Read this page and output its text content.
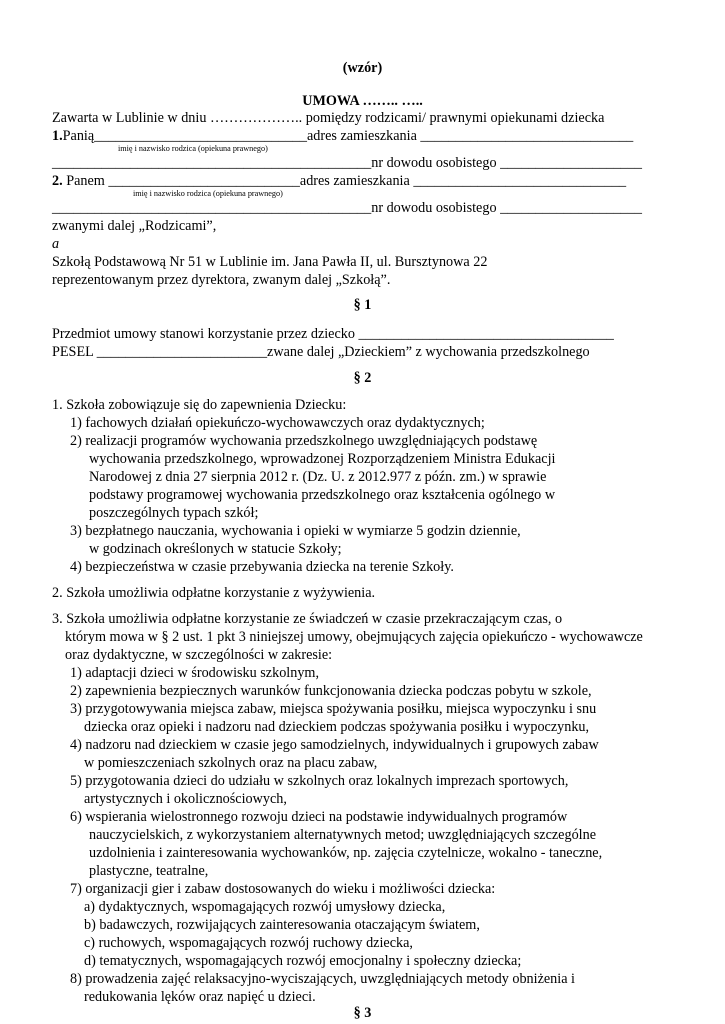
(wzór)
UMOWA …….. …..
Zawarta w Lublinie w dniu ……………….. pomiędzy rodzicami/ prawnymi opiekunami dziecka
1.Panią______________________________adres zamieszkania ______________________________
imię i nazwisko rodzica (opiekuna prawnego)
_____________________________________________nr dowodu osobistego ____________________
2. Panem ___________________________adres zamieszkania ______________________________
imię i nazwisko rodzica (opiekuna prawnego)
_____________________________________________nr dowodu osobistego ____________________
zwanymi dalej „Rodzicami”,
a
Szkołą Podstawową Nr 51 w Lublinie im. Jana Pawła II, ul. Bursztynowa 22
reprezentowanym przez dyrektora, zwanym dalej „Szkołą”.
§ 1
Przedmiot umowy stanowi korzystanie przez dziecko ____________________________________
PESEL ________________________zwane dalej „Dzieckiem” z wychowania przedszkolnego
§ 2
1. Szkoła zobowiązuje się do zapewnienia Dziecku:
1) fachowych działań opiekuńczo-wychowawczych oraz dydaktycznych;
2) realizacji programów wychowania przedszkolnego uwzględniających podstawę
wychowania przedszkolnego, wprowadzonej Rozporządzeniem Ministra Edukacji
Narodowej z dnia 27 sierpnia 2012 r. (Dz. U. z 2012.977 z późn. zm.) w sprawie
podstawy programowej wychowania przedszkolnego oraz kształcenia ogólnego w
poszczególnych typach szkół;
3) bezpłatnego nauczania, wychowania i opieki w wymiarze 5 godzin dziennie,
w godzinach określonych w statucie Szkoły;
4) bezpieczeństwa w czasie przebywania dziecka na terenie Szkoły.
2. Szkoła umożliwia odpłatne korzystanie z wyżywienia.
3. Szkoła umożliwia odpłatne korzystanie ze świadczeń w czasie przekraczającym czas, o
którym mowa w § 2 ust. 1 pkt 3 niniejszej umowy, obejmujących zajęcia opiekuńczo - wychowawcze
oraz dydaktyczne, w szczególności w zakresie:
1) adaptacji dzieci w środowisku szkolnym,
2) zapewnienia bezpiecznych warunków funkcjonowania dziecka podczas pobytu w szkole,
3) przygotowywania miejsca zabaw, miejsca spożywania posiłku, miejsca wypoczynku i snu
dziecka oraz opieki i nadzoru nad dzieckiem podczas spożywania posiłku i wypoczynku,
4) nadzoru nad dzieckiem w czasie jego samodzielnych, indywidualnych i grupowych zabaw
w pomieszczeniach szkolnych oraz na placu zabaw,
5) przygotowania dzieci do udziału w szkolnych oraz lokalnych imprezach sportowych,
artystycznych i okolicznościowych,
6) wspierania wielostronnego rozwoju dzieci na podstawie indywidualnych programów
nauczycielskich, z wykorzystaniem alternatywnych metod; uwzględniających szczególne
uzdolnienia i zainteresowania wychowanków, np. zajęcia czytelnicze, wokalno - taneczne,
plastyczne, teatralne,
7) organizacji gier i zabaw dostosowanych do wieku i możliwości dziecka:
a) dydaktycznych, wspomagających rozwój umysłowy dziecka,
b) badawczych, rozwijających zainteresowania otaczającym światem,
c) ruchowych, wspomagających rozwój ruchowy dziecka,
d) tematycznych, wspomagających rozwój emocjonalny i społeczny dziecka;
8) prowadzenia zajęć relaksacyjno-wyciszających, uwzględniających metody obniżenia i
redukowania lęków oraz napięć u dzieci.
§ 3
